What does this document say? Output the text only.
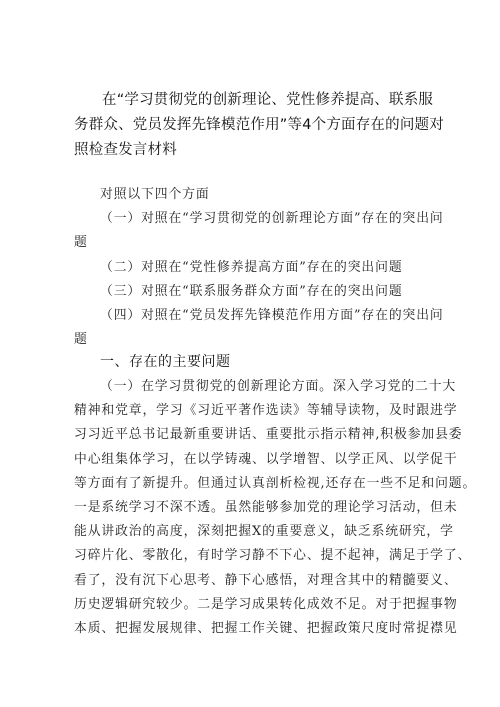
在“学习贯彻党的创新理论、党性修养提高、联系服务群众、党员发挥先锋模范作用”等4个方面存在的问题对照检查发言材料
对照以下四个方面
（一）对照在“学习贯彻党的创新理论方面”存在的突出问
题
（二）对照在“党性修养提高方面”存在的突出问题
（三）对照在“联系服务群众方面”存在的突出问题
（四）对照在“党员发挥先锋模范作用方面”存在的突出问
题
一、存在的主要问题
（一）在学习贯彻党的创新理论方面。深入学习党的二十大
精神和党章，学习《习近平著作选读》等辅导读物，及时跟进学
习习近平总书记最新重要讲话、重要批示指示精神,积极参加县委
中心组集体学习，在以学铸魂、以学增智、以学正风、以学促干
等方面有了新提升。但通过认真剖析检视,还存在一些不足和问题。
一是系统学习不深不透。虽然能够参加党的理论学习活动，但未
能从讲政治的高度，深刻把握X的重要意义，缺乏系统研究，学
习碎片化、零散化，有时学习静不下心、提不起神，满足于学了、
看了，没有沉下心思考、静下心感悟，对理含其中的精髓要义、
历史逻辑研究较少。二是学习成果转化成效不足。对于把握事物
本质、把握发展规律、把握工作关键、把握政策尺度时常捉襟见
